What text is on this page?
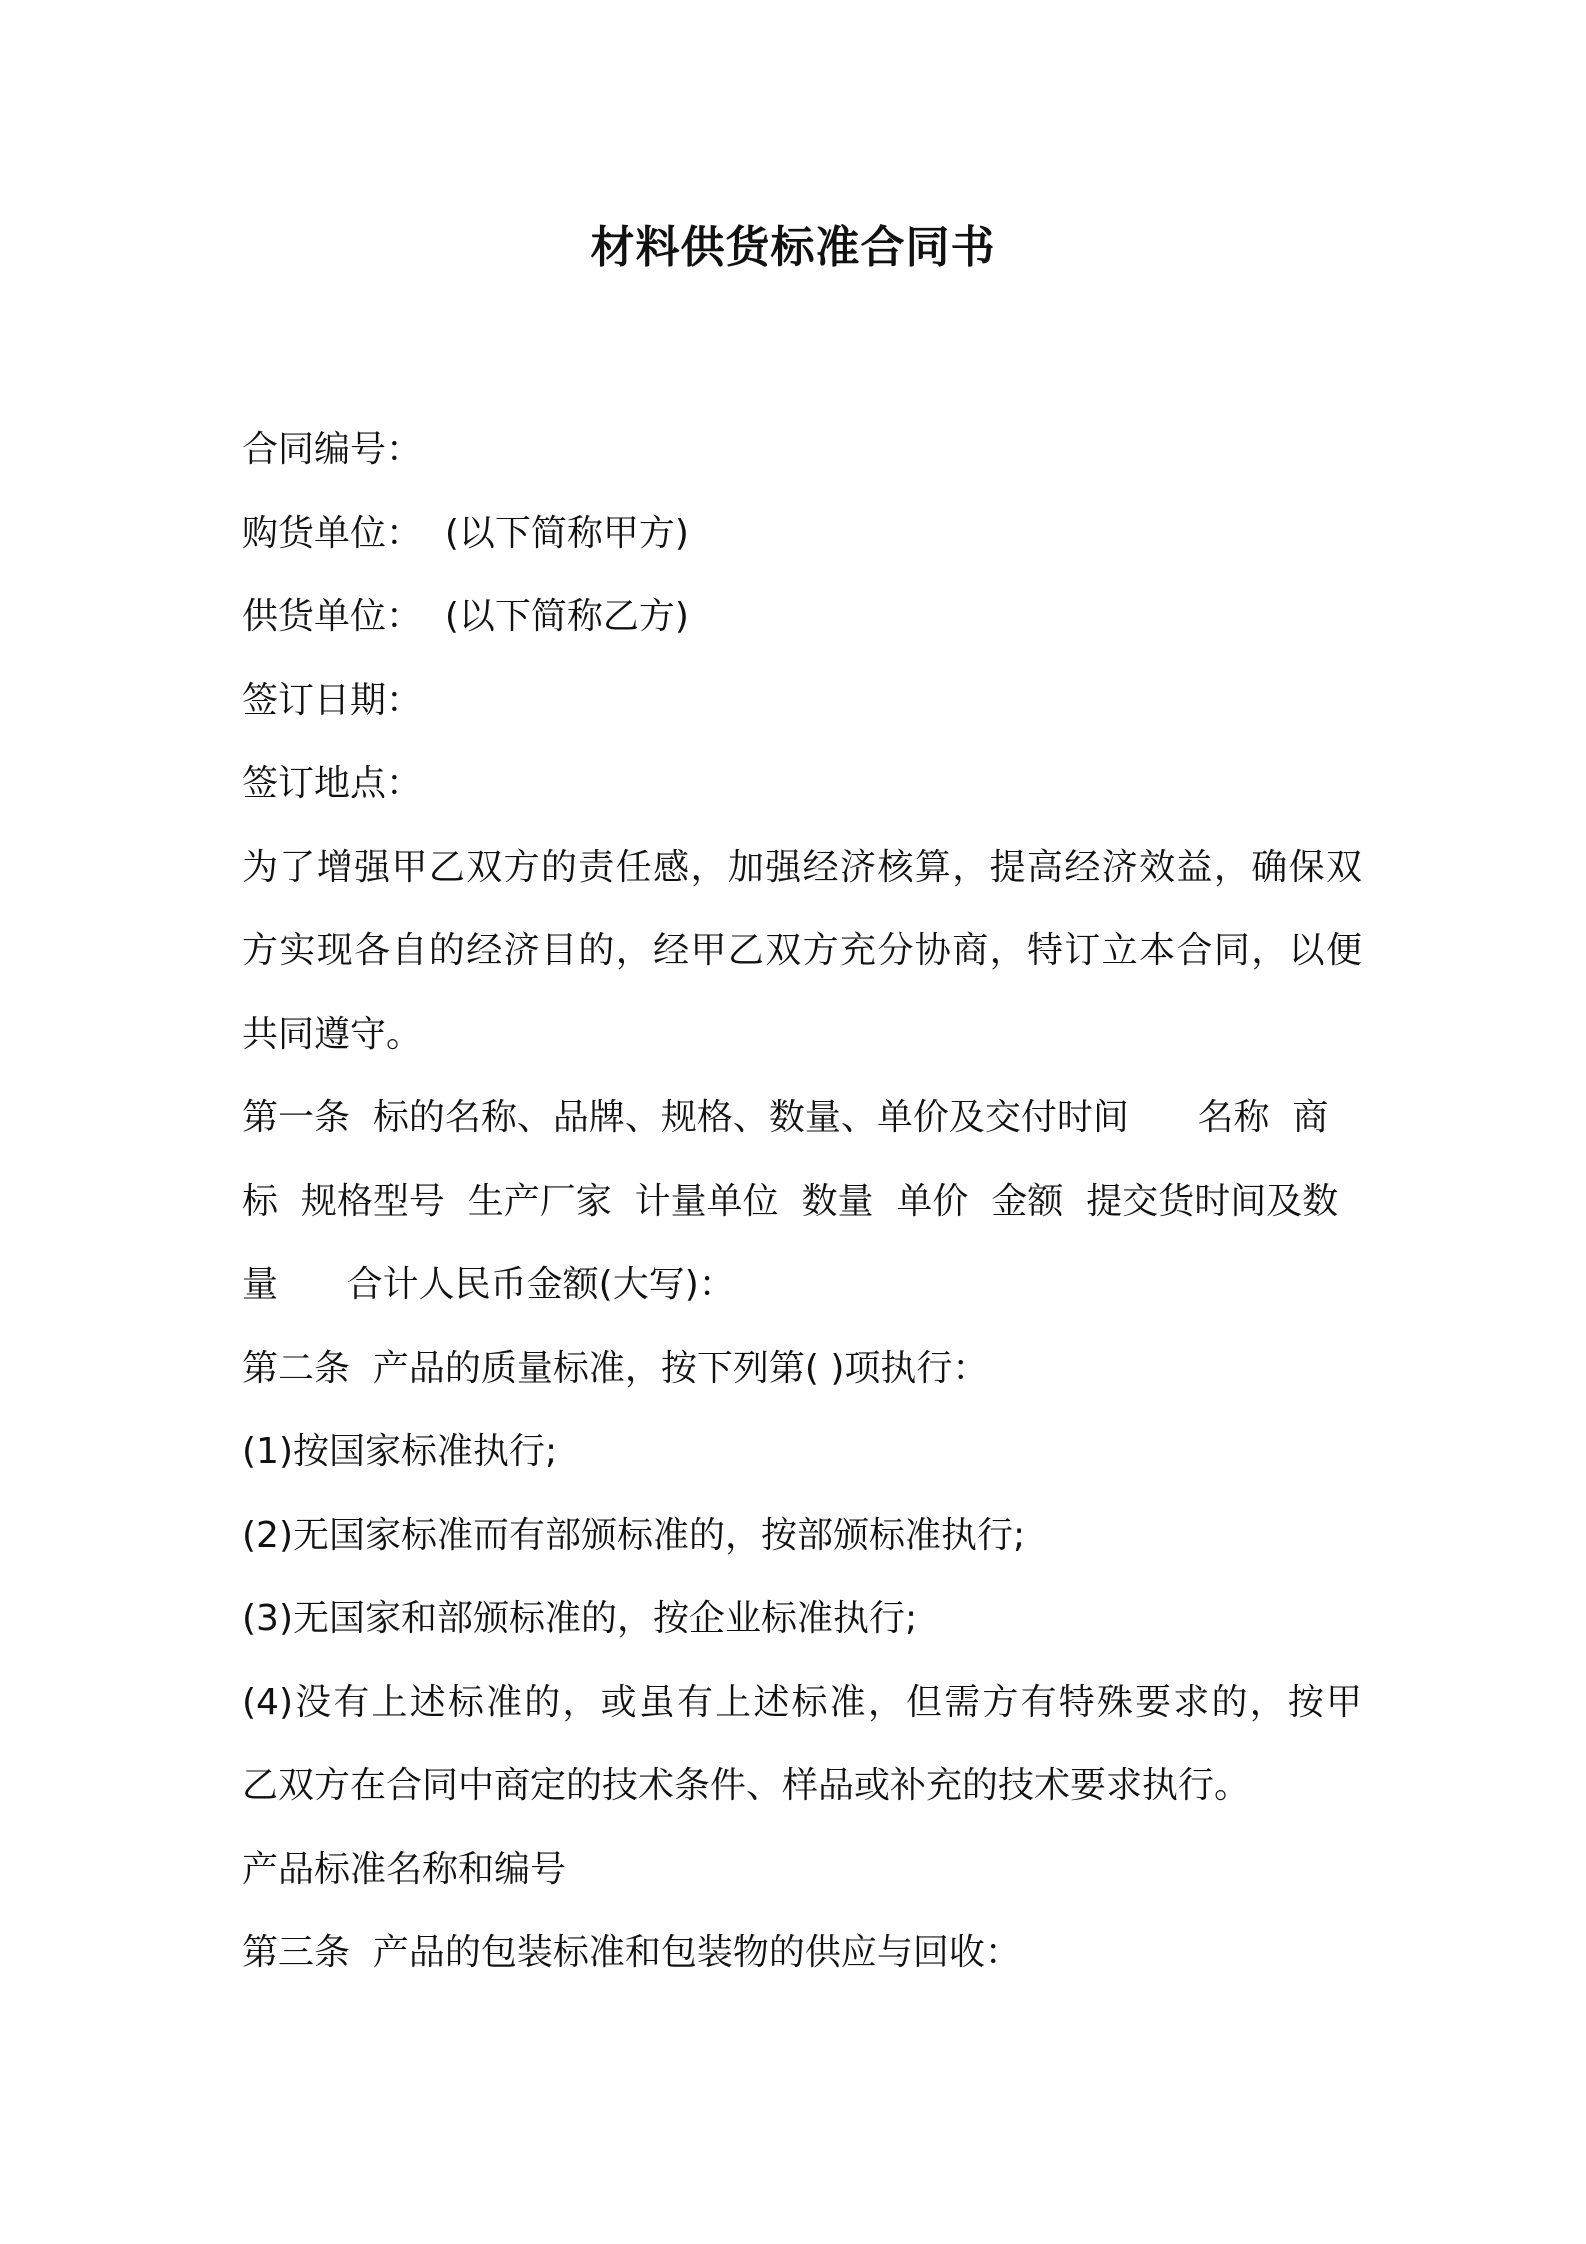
材料供货标准合同书
合同编号：
购货单位：  (以下简称甲方)
供货单位：  (以下简称乙方)
签订日期：
签订地点：
为了增强甲乙双方的责任感，加强经济核算，提高经济效益，确保双
方实现各自的经济目的，经甲乙双方充分协商，特订立本合同，以便
共同遵守。
第一条  标的名称、品牌、规格、数量、单价及交付时间      名称  商
标  规格型号  生产厂家  计量单位  数量  单价  金额  提交货时间及数
量      合计人民币金额(大写)：
第二条  产品的质量标准，按下列第( )项执行：
(1)按国家标准执行;
(2)无国家标准而有部颁标准的，按部颁标准执行;
(3)无国家和部颁标准的，按企业标准执行;
(4)没有上述标准的，或虽有上述标准，但需方有特殊要求的，按甲
乙双方在合同中商定的技术条件、样品或补充的技术要求执行。
产品标准名称和编号
第三条  产品的包装标准和包装物的供应与回收：
